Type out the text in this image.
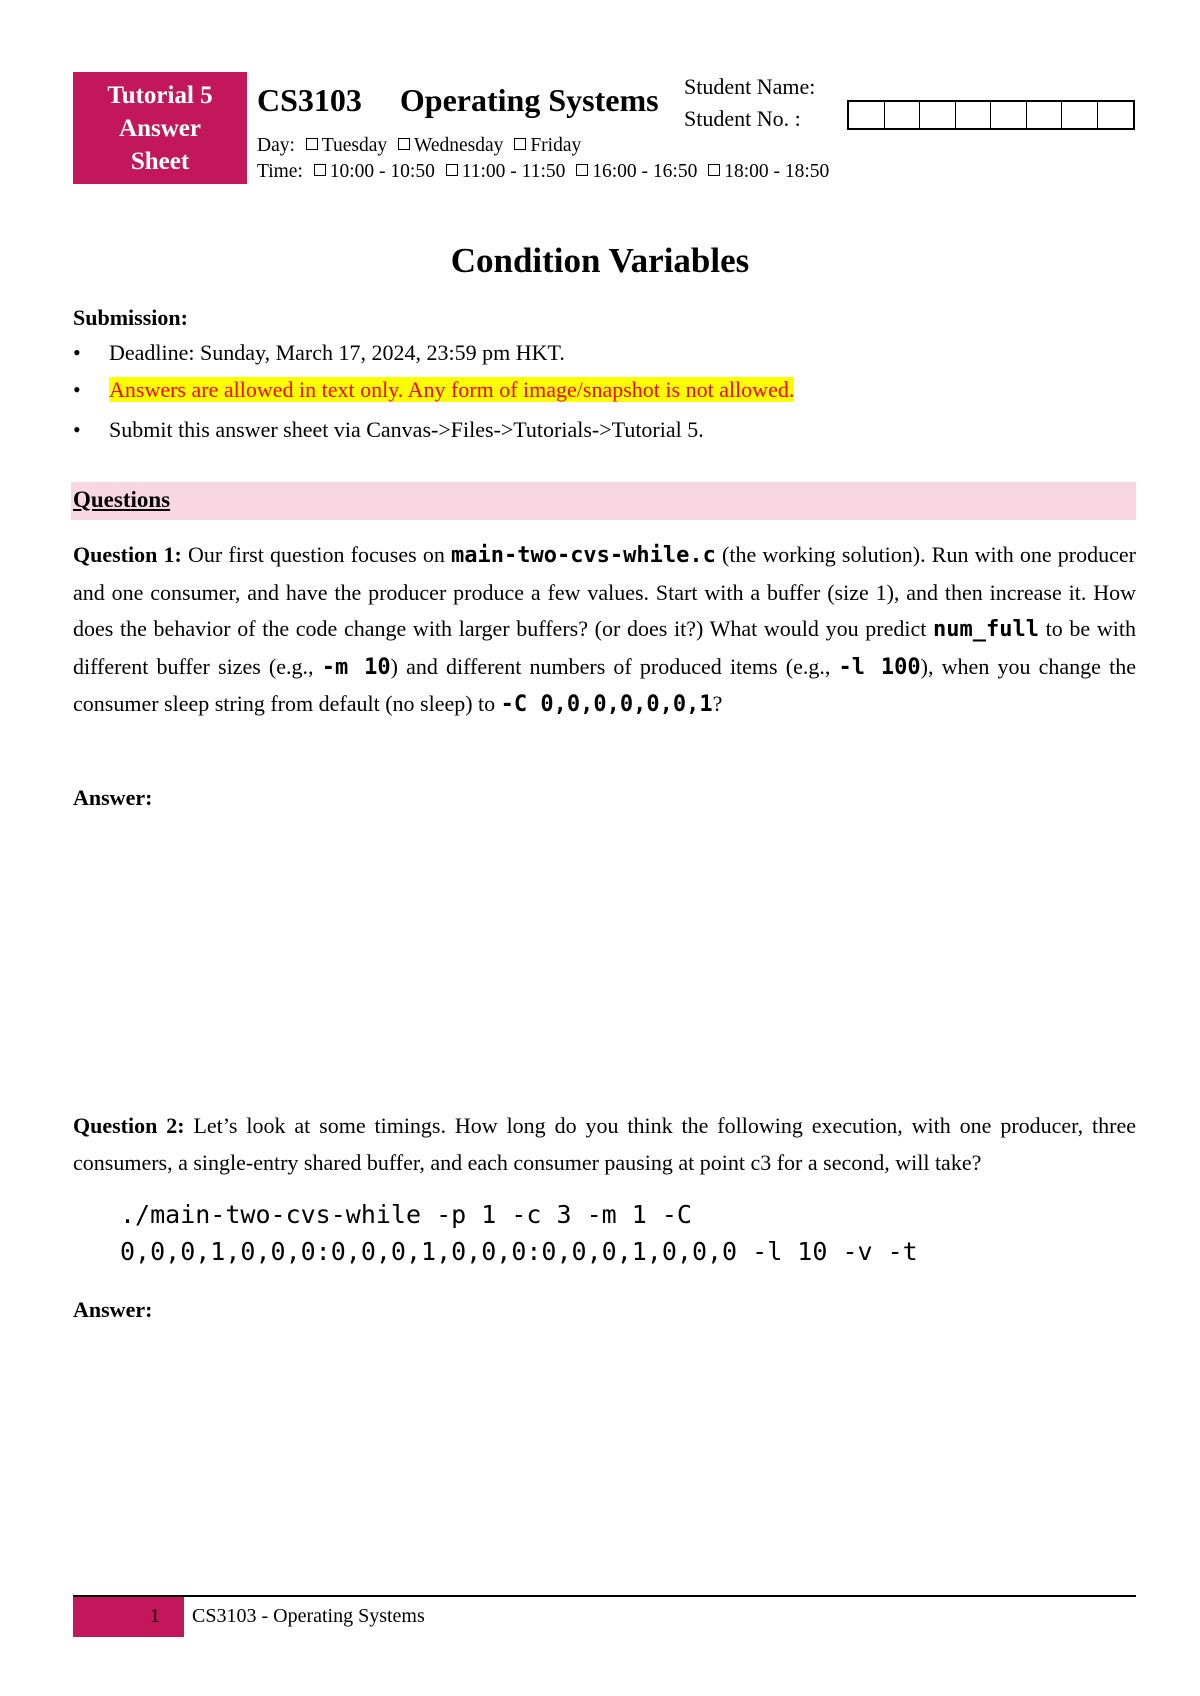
Tutorial 5
Answer
Sheet
CS3103 Operating Systems
Day: Tuesday Wednesday Friday
Time: 10:00 - 10:50 11:00 - 11:50 16:00 - 16:50 18:00 - 18:50
Student Name:
Student No. :
Condition Variables
Submission:
• Deadline: Sunday, March 17, 2024, 23:59 pm HKT.
• Answers are allowed in text only. Any form of image/snapshot is not allowed.
• Submit this answer sheet via Canvas->Files->Tutorials->Tutorial 5.
Questions
Question 1: Our first question focuses on main-two-cvs-while.c (the working solution). Run with one producer and one consumer, and have the producer produce a few values. Start with a buffer (size 1), and then increase it. How does the behavior of the code change with larger buffers? (or does it?) What would you predict num_full to be with different buffer sizes (e.g., -m 10) and different numbers of produced items (e.g., -l 100), when you change the consumer sleep string from default (no sleep) to -C 0,0,0,0,0,0,1?
Answer:
Question 2: Let’s look at some timings. How long do you think the following execution, with one producer, three consumers, a single-entry shared buffer, and each consumer pausing at point c3 for a second, will take?
./main-two-cvs-while -p 1 -c 3 -m 1 -C
0,0,0,1,0,0,0:0,0,0,1,0,0,0:0,0,0,1,0,0,0 -l 10 -v -t
Answer:
1 CS3103 - Operating Systems
